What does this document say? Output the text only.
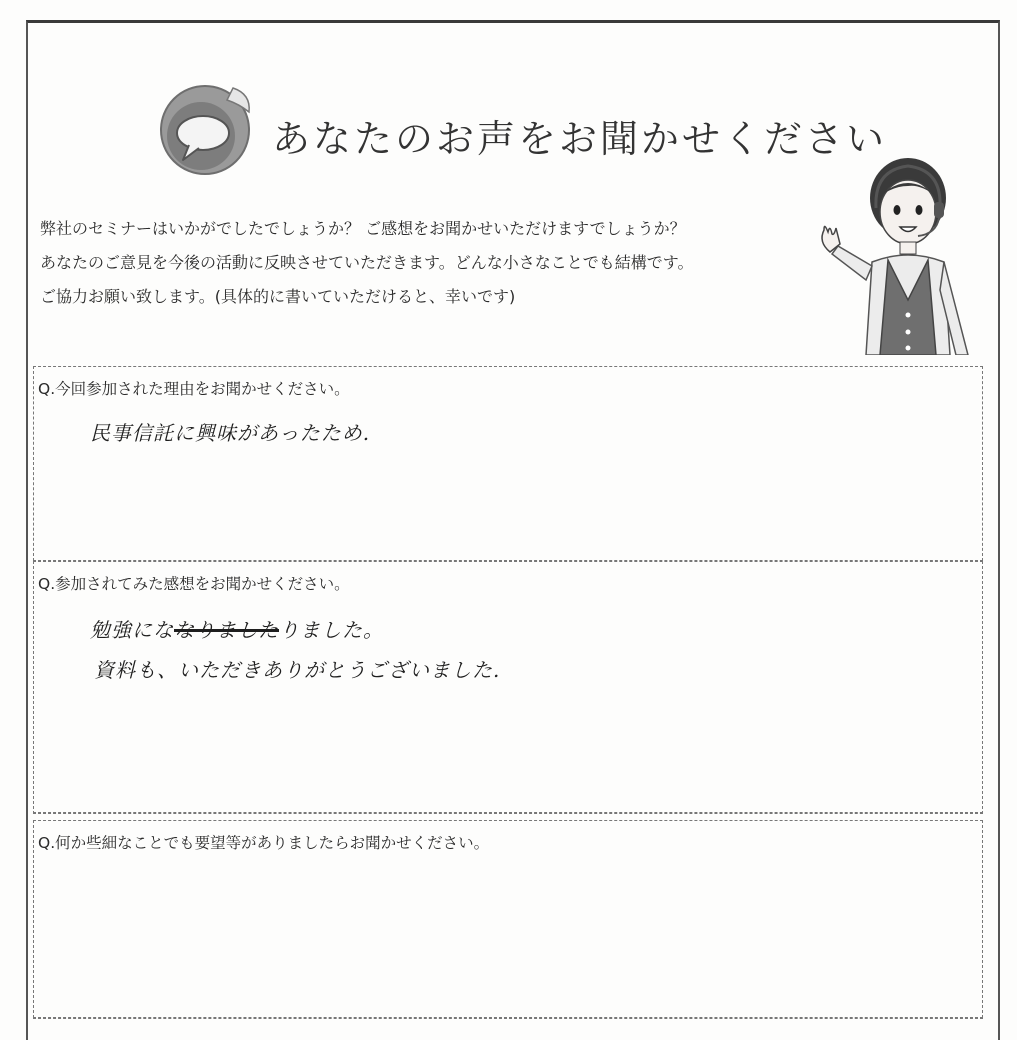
あなたのお声をお聞かせください

弊社のセミナーはいかがでしたでしょうか？ ご感想をお聞かせいただけますでしょうか？

あなたのご意見を今後の活動に反映させていただきます。どんな小さなことでも結構です。

ご協力お願い致します。(具体的に書いていただけると、幸いです)

Q.今回参加された理由をお聞かせください。
民事信託に興味があったため.
Q.参加されてみた感想をお聞かせください。
勉強にななりましたりました。
資料も、いただきありがとうございました.
Q.何か些細なことでも要望等がありましたらお聞かせください。
